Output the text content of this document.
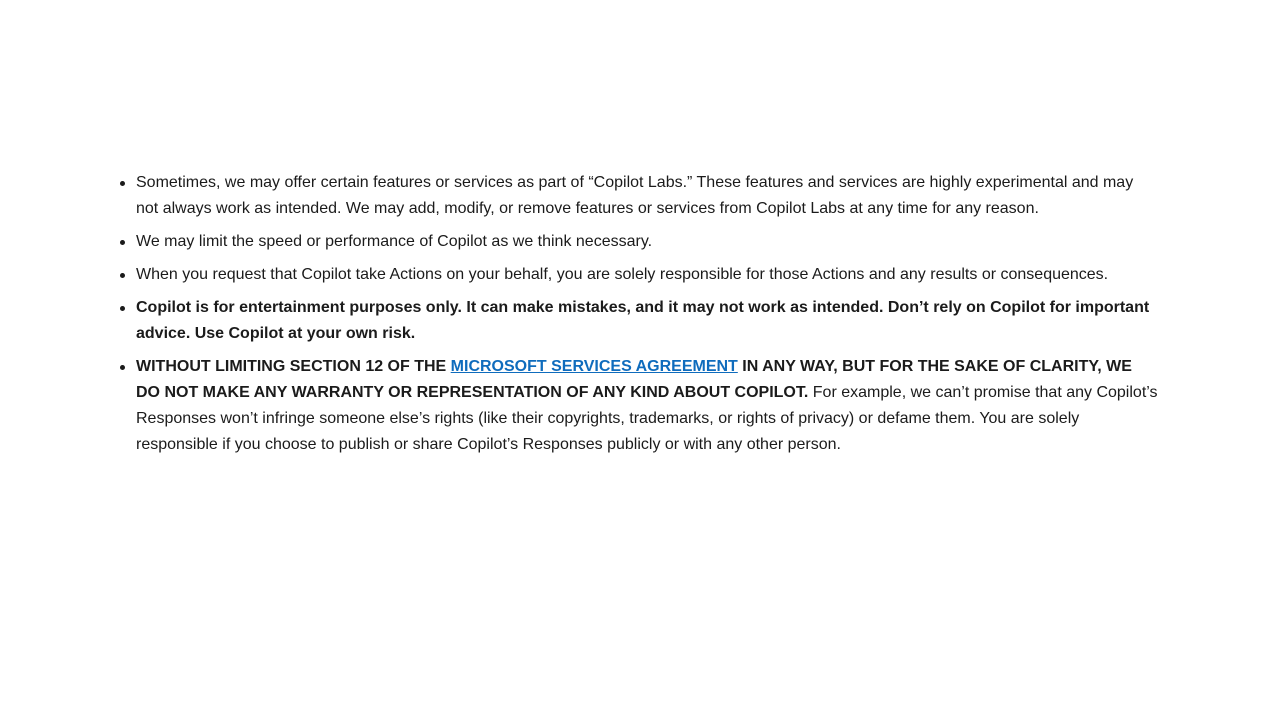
Sometimes, we may offer certain features or services as part of “Copilot Labs.” These features and services are highly experimental and may not always work as intended. We may add, modify, or remove features or services from Copilot Labs at any time for any reason.
We may limit the speed or performance of Copilot as we think necessary.
When you request that Copilot take Actions on your behalf, you are solely responsible for those Actions and any results or consequences.
Copilot is for entertainment purposes only. It can make mistakes, and it may not work as intended. Don’t rely on Copilot for important advice. Use Copilot at your own risk.
WITHOUT LIMITING SECTION 12 OF THE MICROSOFT SERVICES AGREEMENT IN ANY WAY, BUT FOR THE SAKE OF CLARITY, WE DO NOT MAKE ANY WARRANTY OR REPRESENTATION OF ANY KIND ABOUT COPILOT. For example, we can’t promise that any Copilot’s Responses won’t infringe someone else’s rights (like their copyrights, trademarks, or rights of privacy) or defame them. You are solely responsible if you choose to publish or share Copilot’s Responses publicly or with any other person.
